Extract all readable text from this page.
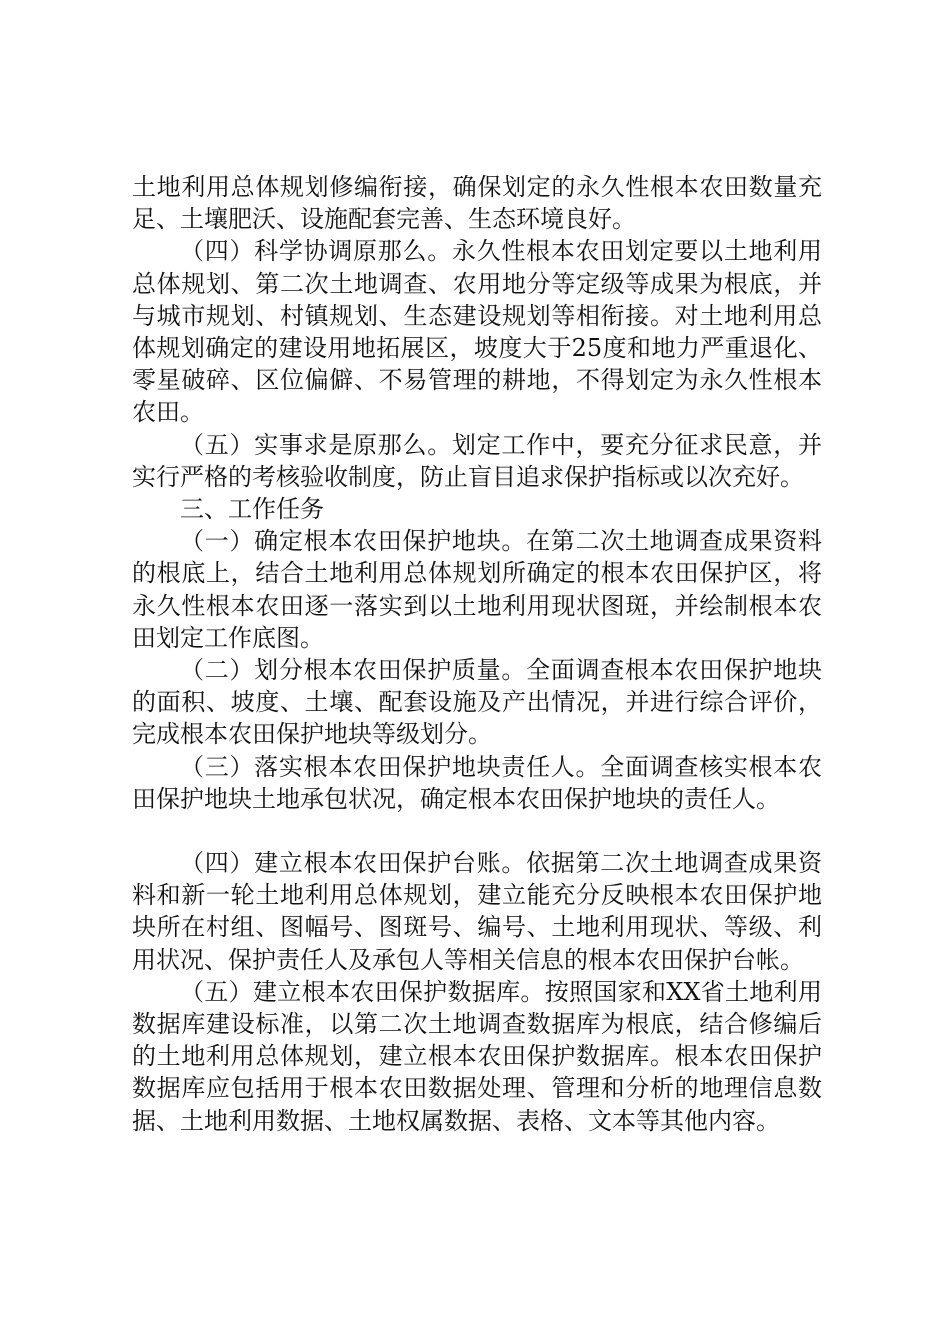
土地利用总体规划修编衔接，确保划定的永久性根本农田数量充足、土壤肥沃、设施配套完善、生态环境良好。

（四）科学协调原那么。永久性根本农田划定要以土地利用总体规划、第二次土地调查、农用地分等定级等成果为根底，并与城市规划、村镇规划、生态建设规划等相衔接。对土地利用总体规划确定的建设用地拓展区，坡度大于25度和地力严重退化、零星破碎、区位偏僻、不易管理的耕地，不得划定为永久性根本农田。

（五）实事求是原那么。划定工作中，要充分征求民意，并实行严格的考核验收制度，防止盲目追求保护指标或以次充好。

三、工作任务

（一）确定根本农田保护地块。在第二次土地调查成果资料的根底上，结合土地利用总体规划所确定的根本农田保护区，将永久性根本农田逐一落实到以土地利用现状图斑，并绘制根本农田划定工作底图。

（二）划分根本农田保护质量。全面调查根本农田保护地块的面积、坡度、土壤、配套设施及产出情况，并进行综合评价，完成根本农田保护地块等级划分。

（三）落实根本农田保护地块责任人。全面调查核实根本农田保护地块土地承包状况，确定根本农田保护地块的责任人。

（四）建立根本农田保护台账。依据第二次土地调查成果资料和新一轮土地利用总体规划，建立能充分反映根本农田保护地块所在村组、图幅号、图斑号、编号、土地利用现状、等级、利用状况、保护责任人及承包人等相关信息的根本农田保护台帐。

（五）建立根本农田保护数据库。按照国家和XX省土地利用数据库建设标准，以第二次土地调查数据库为根底，结合修编后的土地利用总体规划，建立根本农田保护数据库。根本农田保护数据库应包括用于根本农田数据处理、管理和分析的地理信息数据、土地利用数据、土地权属数据、表格、文本等其他内容。
